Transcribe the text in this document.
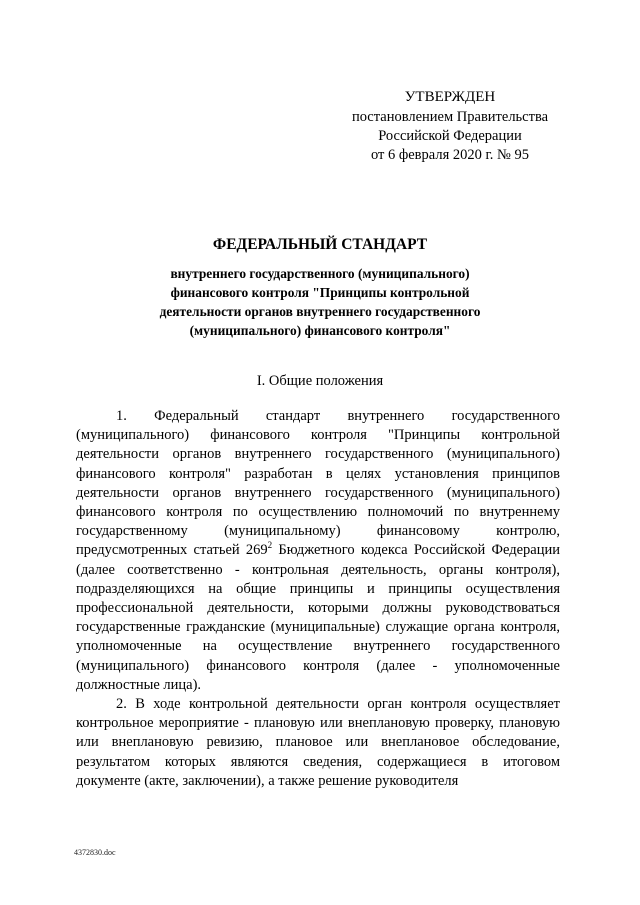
УТВЕРЖДЕН
постановлением Правительства
Российской Федерации
от 6 февраля 2020 г. № 95
ФЕДЕРАЛЬНЫЙ СТАНДАРТ
внутреннего государственного (муниципального)
финансового контроля "Принципы контрольной
деятельности органов внутреннего государственного
(муниципального) финансового контроля"
I. Общие положения

1. Федеральный стандарт внутреннего государственного (муниципального) финансового контроля "Принципы контрольной деятельности органов внутреннего государственного (муниципального) финансового контроля" разработан в целях установления принципов деятельности органов внутреннего государственного (муниципального) финансового контроля по осуществлению полномочий по внутреннему государственному (муниципальному) финансовому контролю, предусмотренных статьей $269^2$ Бюджетного кодекса Российской Федерации (далее соответственно - контрольная деятельность, органы контроля), подразделяющихся на общие принципы и принципы осуществления профессиональной деятельности, которыми должны руководствоваться государственные гражданские (муниципальные) служащие органа контроля, уполномоченные на осуществление внутреннего государственного (муниципального) финансового контроля (далее - уполномоченные должностные лица).

2. В ходе контрольной деятельности орган контроля осуществляет контрольное мероприятие - плановую или внеплановую проверку, плановую или внеплановую ревизию, плановое или внеплановое обследование, результатом которых являются сведения, содержащиеся в итоговом документе (акте, заключении), а также решение руководителя

4372830.doc
